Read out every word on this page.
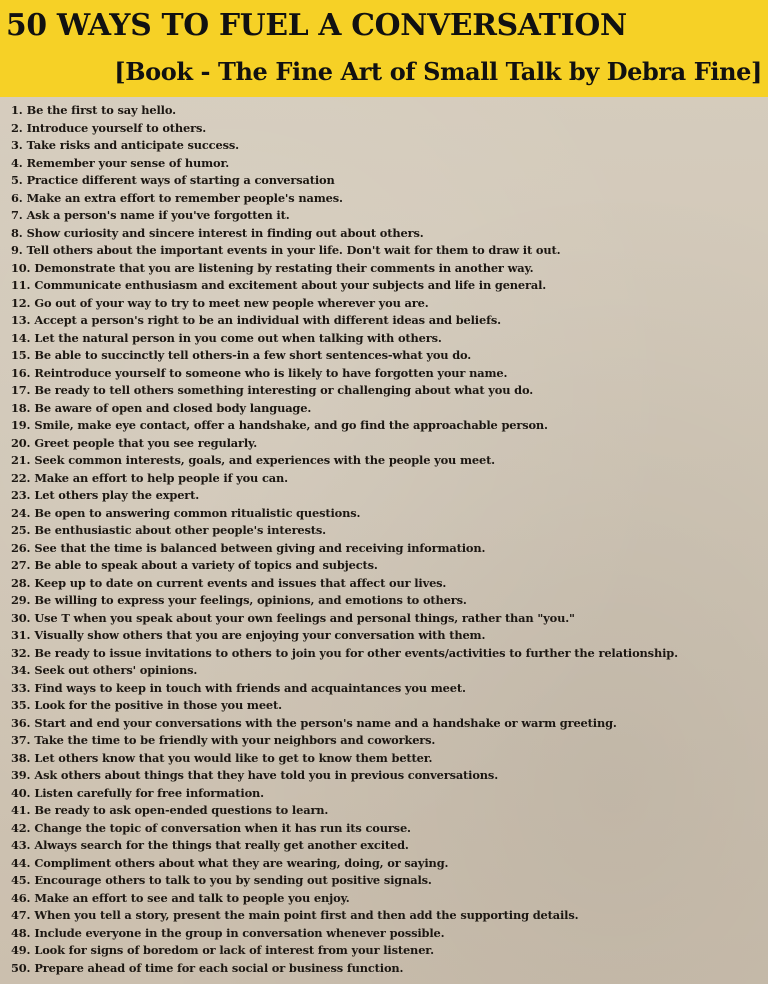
50 WAYS TO FUEL A CONVERSATION
[Book - The Fine Art of Small Talk by Debra Fine]
1. Be the first to say hello.
2. Introduce yourself to others.
3. Take risks and anticipate success.
4. Remember your sense of humor.
5. Practice different ways of starting a conversation
6. Make an extra effort to remember people's names.
7. Ask a person's name if you've forgotten it.
8. Show curiosity and sincere interest in finding out about others.
9. Tell others about the important events in your life. Don't wait for them to draw it out.
10. Demonstrate that you are listening by restating their comments in another way.
11. Communicate enthusiasm and excitement about your subjects and life in general.
12. Go out of your way to try to meet new people wherever you are.
13. Accept a person's right to be an individual with different ideas and beliefs.
14. Let the natural person in you come out when talking with others.
15. Be able to succinctly tell others-in a few short sentences-what you do.
16. Reintroduce yourself to someone who is likely to have forgotten your name.
17. Be ready to tell others something interesting or challenging about what you do.
18. Be aware of open and closed body language.
19. Smile, make eye contact, offer a handshake, and go find the approachable person.
20. Greet people that you see regularly.
21. Seek common interests, goals, and experiences with the people you meet.
22. Make an effort to help people if you can.
23. Let others play the expert.
24. Be open to answering common ritualistic questions.
25. Be enthusiastic about other people's interests.
26. See that the time is balanced between giving and receiving information.
27. Be able to speak about a variety of topics and subjects.
28. Keep up to date on current events and issues that affect our lives.
29. Be willing to express your feelings, opinions, and emotions to others.
30. Use T when you speak about your own feelings and personal things, rather than "you."
31. Visually show others that you are enjoying your conversation with them.
32. Be ready to issue invitations to others to join you for other events/activities to further the relationship.
34. Seek out others' opinions.
33. Find ways to keep in touch with friends and acquaintances you meet.
35. Look for the positive in those you meet.
36. Start and end your conversations with the person's name and a handshake or warm greeting.
37. Take the time to be friendly with your neighbors and coworkers.
38. Let others know that you would like to get to know them better.
39. Ask others about things that they have told you in previous conversations.
40. Listen carefully for free information.
41. Be ready to ask open-ended questions to learn.
42. Change the topic of conversation when it has run its course.
43. Always search for the things that really get another excited.
44. Compliment others about what they are wearing, doing, or saying.
45. Encourage others to talk to you by sending out positive signals.
46. Make an effort to see and talk to people you enjoy.
47. When you tell a story, present the main point first and then add the supporting details.
48. Include everyone in the group in conversation whenever possible.
49. Look for signs of boredom or lack of interest from your listener.
50. Prepare ahead of time for each social or business function.
